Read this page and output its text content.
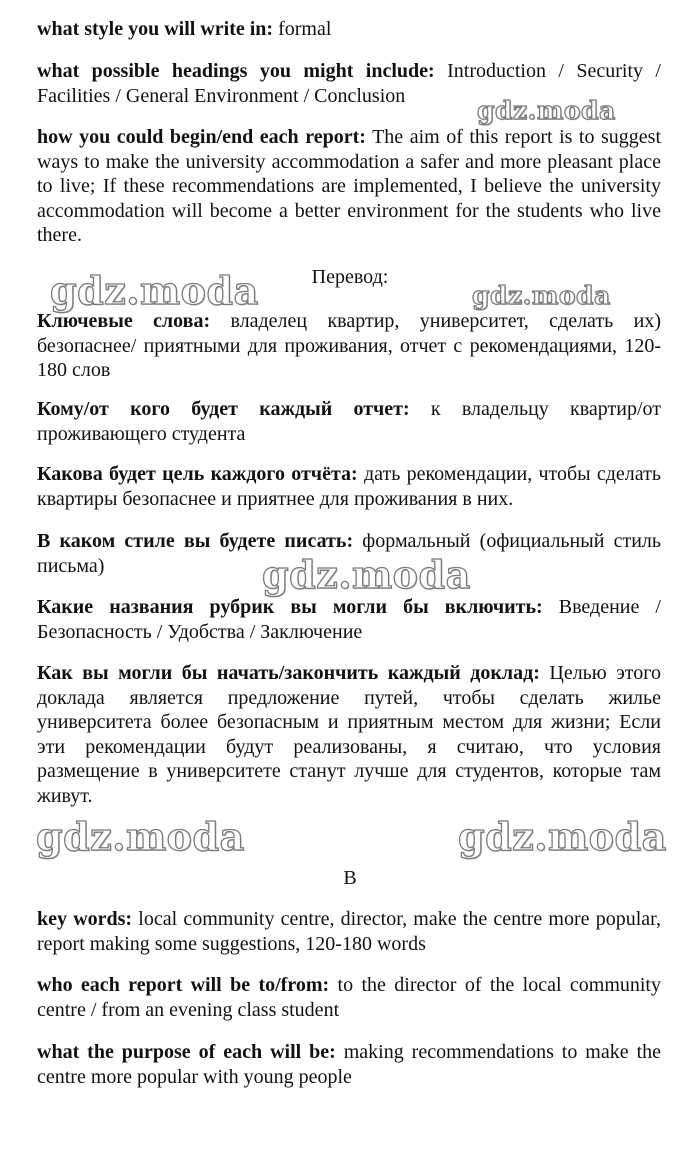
what style you will write in: formal
what possible headings you might include: Introduction / Security / Facilities / General Environment / Conclusion
how you could begin/end each report: The aim of this report is to suggest ways to make the university accommodation a safer and more pleasant place to live; If these recommendations are implemented, I believe the university accommodation will become a better environment for the students who live there.
Перевод:
Ключевые слова: владелец квартир, университет, сделать их) безопаснее/ приятными для проживания, отчет с рекомендациями, 120-180 слов
Кому/от кого будет каждый отчет: к владельцу квартир/от проживающего студента
Какова будет цель каждого отчёта: дать рекомендации, чтобы сделать квартиры безопаснее и приятнее для проживания в них.
В каком стиле вы будете писать: формальный (официальный стиль письма)
Какие названия рубрик вы могли бы включить: Введение / Безопасность / Удобства / Заключение
Как вы могли бы начать/закончить каждый доклад: Целью этого доклада является предложение путей, чтобы сделать жилье университета более безопасным и приятным местом для жизни; Если эти рекомендации будут реализованы, я считаю, что условия размещение в университете станут лучше для студентов, которые там живут.
B
key words: local community centre, director, make the centre more popular, report making some suggestions, 120-180 words
who each report will be to/from: to the director of the local community centre / from an evening class student
what the purpose of each will be: making recommendations to make the centre more popular with young people
gdz.moda
gdz.moda	gdz.moda
gdz.moda
gdz.moda	gdz.moda
